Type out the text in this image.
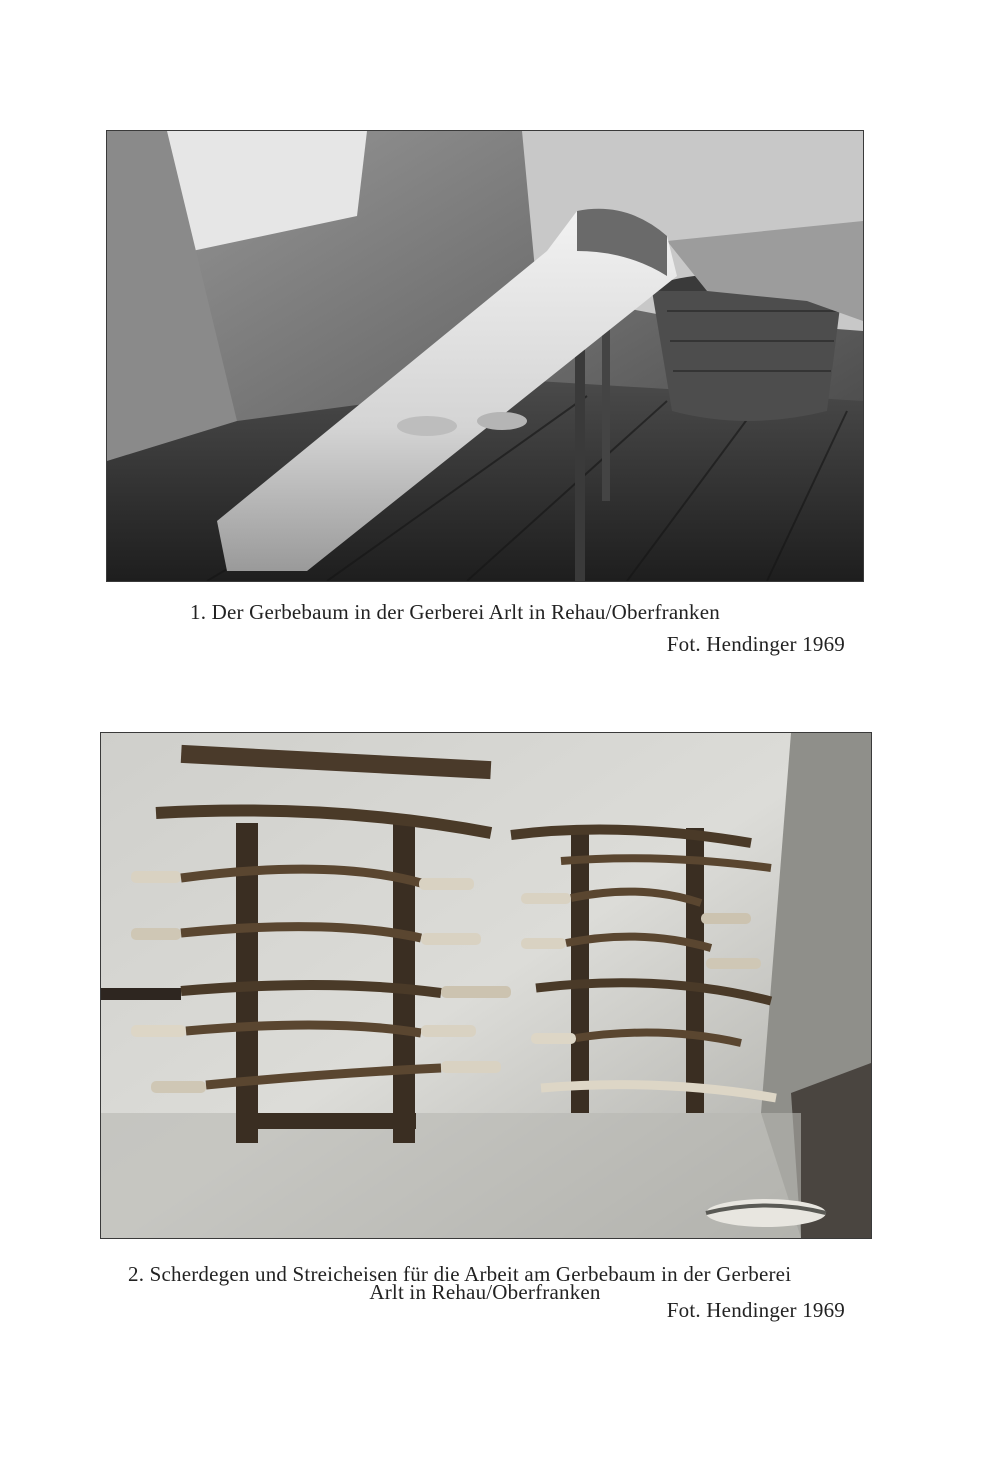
1. Der Gerbebaum in der Gerberei Arlt in Rehau/Oberfranken
Fot. Hendinger 1969
2. Scherdegen und Streicheisen für die Arbeit am Gerbebaum in der Gerberei
Arlt in Rehau/Oberfranken
Fot. Hendinger 1969
